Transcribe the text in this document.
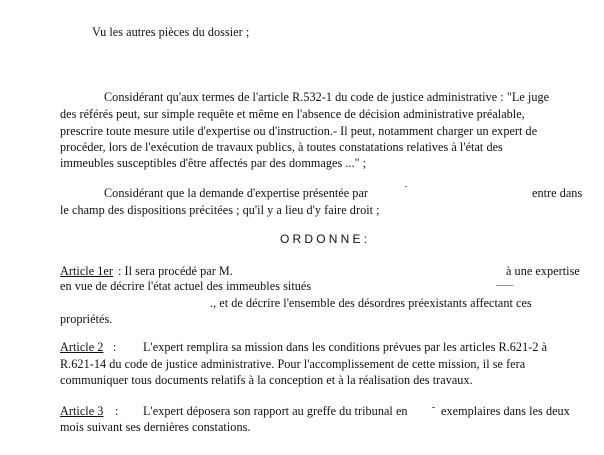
Vu les autres pièces du dossier ;
Considérant qu'aux termes de l'article R.532-1 du code de justice administrative : "Le juge
des référés peut, sur simple requête et même en l'absence de décision administrative préalable,
prescrire toute mesure utile d'expertise ou d'instruction.- Il peut, notamment charger un expert de
procéder, lors de l'exécution de travaux publics, à toutes constatations relatives à l'état des
immeubles susceptibles d'être affectés par des dommages ..." ;
Considérant que la demande d'expertise présentée par	entre dans
le champ des dispositions précitées ; qu'il y a lieu d'y faire droit ;
ORDONNE:
Article 1er : Il sera procédé par M.	à une expertise
en vue de décrire l'état actuel des immeubles situés
., et de décrire l'ensemble des désordres préexistants affectant ces
propriétés.
Article 2 : L'expert remplira sa mission dans les conditions prévues par les articles R.621-2 à
R.621-14 du code de justice administrative. Pour l'accomplissement de cette mission, il se fera
communiquer tous documents relatifs à la conception et à la réalisation des travaux.
Article 3 : L'expert déposera son rapport au greffe du tribunal en	exemplaires dans les deux
mois suivant ses dernières constations.
